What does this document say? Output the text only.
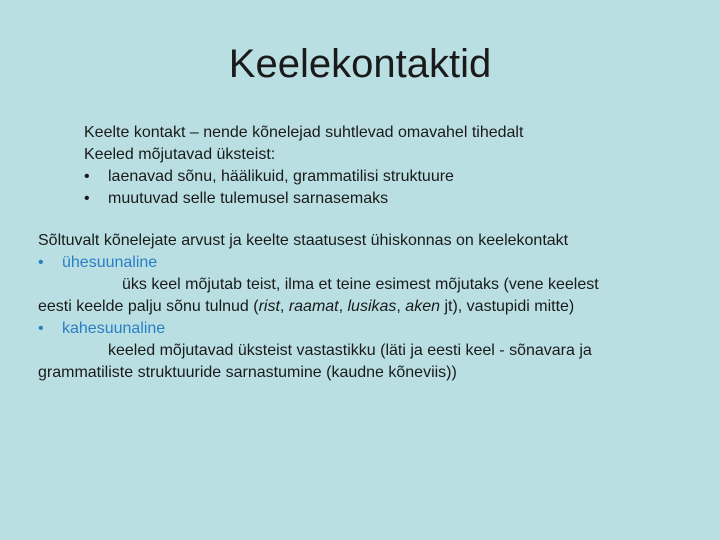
Keelekontaktid
Keelte kontakt – nende kõnelejad suhtlevad omavahel tihedalt
Keeled mõjutavad üksteist:
• laenavad sõnu, häälikuid, grammatilisi struktuure
• muutuvad selle tulemusel sarnasemaks
Sõltuvalt kõnelejate arvust ja keelte staatusest ühiskonnas on keelekontakt
• ühesuunaline
üks keel mõjutab teist, ilma et teine esimest mõjutaks (vene keelest
eesti keelde palju sõnu tulnud (rist, raamat, lusikas, aken jt), vastupidi mitte)
• kahesuunaline
keeled mõjutavad üksteist vastastikku (läti ja eesti keel - sõnavara ja
grammatiliste struktuuride sarnastumine (kaudne kõneviis))
